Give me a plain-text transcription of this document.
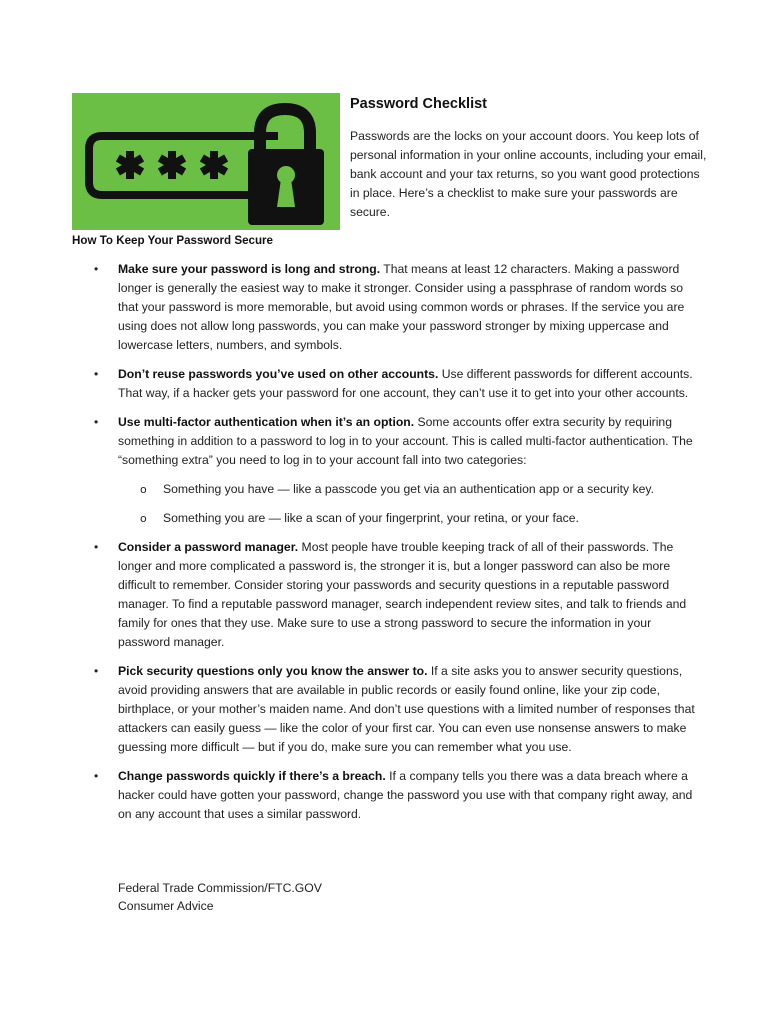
Password Checklist

Passwords are the locks on your account doors. You keep lots of personal information in your online accounts, including your email, bank account and your tax returns, so you want good protections in place. Here’s a checklist to make sure your passwords are secure.

How To Keep Your Password Secure
• Make sure your password is long and strong. That means at least 12 characters. Making a password longer is generally the easiest way to make it stronger. Consider using a passphrase of random words so that your password is more memorable, but avoid using common words or phrases. If the service you are using does not allow long passwords, you can make your password stronger by mixing uppercase and lowercase letters, numbers, and symbols.
• Don’t reuse passwords you’ve used on other accounts. Use different passwords for different accounts. That way, if a hacker gets your password for one account, they can’t use it to get into your other accounts.
• Use multi-factor authentication when it’s an option. Some accounts offer extra security by requiring something in addition to a password to log in to your account. This is called multi-factor authentication. The “something extra” you need to log in to your account fall into two categories:
o Something you have — like a passcode you get via an authentication app or a security key.
o Something you are — like a scan of your fingerprint, your retina, or your face.
• Consider a password manager. Most people have trouble keeping track of all of their passwords. The longer and more complicated a password is, the stronger it is, but a longer password can also be more difficult to remember. Consider storing your passwords and security questions in a reputable password manager. To find a reputable password manager, search independent review sites, and talk to friends and family for ones that they use. Make sure to use a strong password to secure the information in your password manager.
• Pick security questions only you know the answer to. If a site asks you to answer security questions, avoid providing answers that are available in public records or easily found online, like your zip code, birthplace, or your mother’s maiden name. And don’t use questions with a limited number of responses that attackers can easily guess — like the color of your first car. You can even use nonsense answers to make guessing more difficult — but if you do, make sure you can remember what you use.
• Change passwords quickly if there’s a breach. If a company tells you there was a data breach where a hacker could have gotten your password, change the password you use with that company right away, and on any account that uses a similar password.
Federal Trade Commission/FTC.GOV
Consumer Advice
